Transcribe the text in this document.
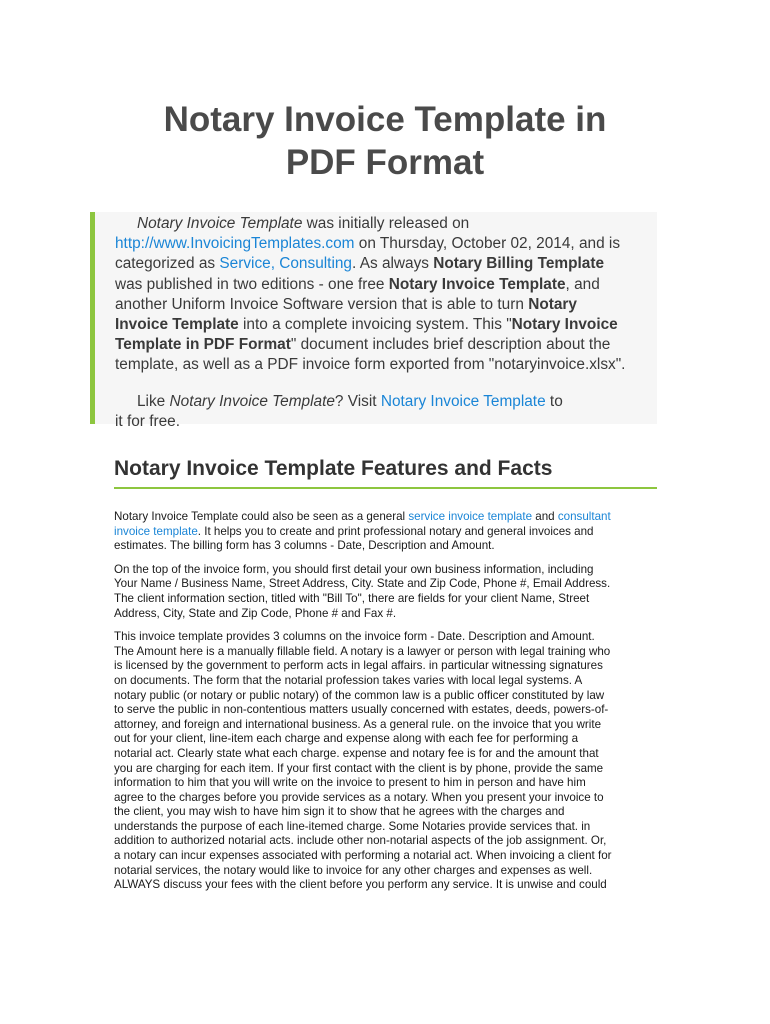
Notary Invoice Template in
PDF Format

Notary Invoice Template was initially released on
http://www.InvoicingTemplates.com on Thursday, October 02, 2014, and is
categorized as Service, Consulting. As always Notary Billing Template
was published in two editions - one free Notary Invoice Template, and
another Uniform Invoice Software version that is able to turn Notary
Invoice Template into a complete invoicing system. This "Notary Invoice
Template in PDF Format" document includes brief description about the
template, as well as a PDF invoice form exported from "notaryinvoice.xlsx".

Like Notary Invoice Template? Visit Notary Invoice Template to
it for free.

Notary Invoice Template Features and Facts

Notary Invoice Template could also be seen as a general service invoice template and consultant
invoice template. It helps you to create and print professional notary and general invoices and
estimates. The billing form has 3 columns - Date, Description and Amount.

On the top of the invoice form, you should first detail your own business information, including
Your Name / Business Name, Street Address, City. State and Zip Code, Phone #, Email Address.
The client information section, titled with "Bill To", there are fields for your client Name, Street
Address, City, State and Zip Code, Phone # and Fax #.

This invoice template provides 3 columns on the invoice form - Date. Description and Amount.
The Amount here is a manually fillable field. A notary is a lawyer or person with legal training who
is licensed by the government to perform acts in legal affairs. in particular witnessing signatures
on documents. The form that the notarial profession takes varies with local legal systems. A
notary public (or notary or public notary) of the common law is a public officer constituted by law
to serve the public in non-contentious matters usually concerned with estates, deeds, powers-of-
attorney, and foreign and international business. As a general rule. on the invoice that you write
out for your client, line-item each charge and expense along with each fee for performing a
notarial act. Clearly state what each charge. expense and notary fee is for and the amount that
you are charging for each item. If your first contact with the client is by phone, provide the same
information to him that you will write on the invoice to present to him in person and have him
agree to the charges before you provide services as a notary. When you present your invoice to
the client, you may wish to have him sign it to show that he agrees with the charges and
understands the purpose of each line-itemed charge. Some Notaries provide services that. in
addition to authorized notarial acts. include other non-notarial aspects of the job assignment. Or,
a notary can incur expenses associated with performing a notarial act. When invoicing a client for
notarial services, the notary would like to invoice for any other charges and expenses as well.
ALWAYS discuss your fees with the client before you perform any service. It is unwise and could
